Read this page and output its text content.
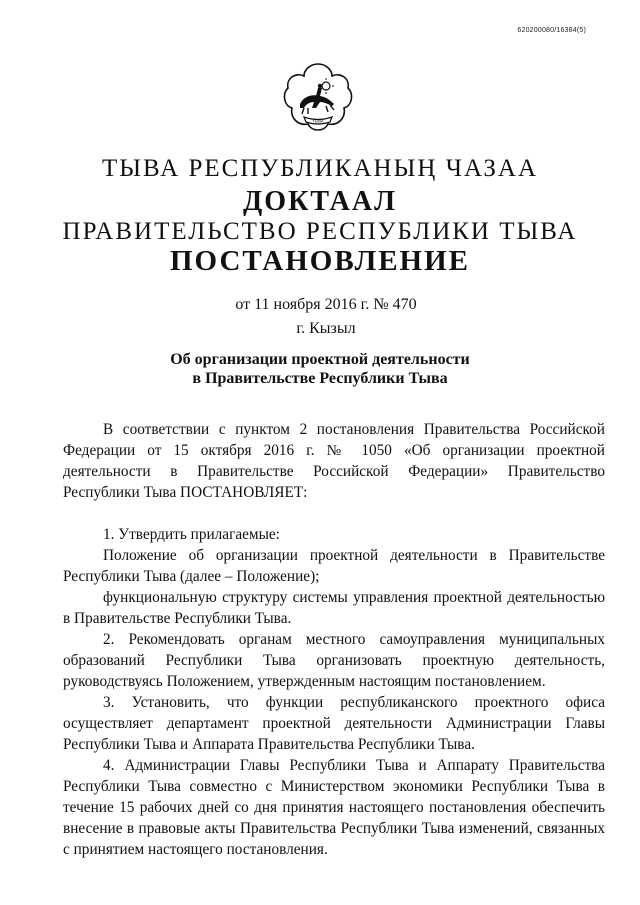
620200080/16384(5)
ТЫВА
ТЫВА РЕСПУБЛИКАНЫҢ ЧАЗАА
ДОКТААЛ
ПРАВИТЕЛЬСТВО РЕСПУБЛИКИ ТЫВА
ПОСТАНОВЛЕНИЕ
от 11 ноября 2016 г. № 470
г. Кызыл
Об организации проектной деятельности
в Правительстве Республики Тыва

В соответствии с пунктом 2 постановления Правительства Российской Федерации от 15 октября 2016 г. № 1050 «Об организации проектной деятельности в Правительстве Российской Федерации» Правительство Республики Тыва ПОСТАНОВЛЯЕТ:

1. Утвердить прилагаемые:

Положение об организации проектной деятельности в Правительстве Республики Тыва (далее – Положение);

функциональную структуру системы управления проектной деятельностью в Правительстве Республики Тыва.

2. Рекомендовать органам местного самоуправления муниципальных образований Республики Тыва организовать проектную деятельность, руководствуясь Положением, утвержденным настоящим постановлением.

3. Установить, что функции республиканского проектного офиса осуществляет департамент проектной деятельности Администрации Главы Республики Тыва и Аппарата Правительства Республики Тыва.

4. Администрации Главы Республики Тыва и Аппарату Правительства Республики Тыва совместно с Министерством экономики Республики Тыва в течение 15 рабочих дней со дня принятия настоящего постановления обеспечить внесение в правовые акты Правительства Республики Тыва изменений, связанных с принятием настоящего постановления.
